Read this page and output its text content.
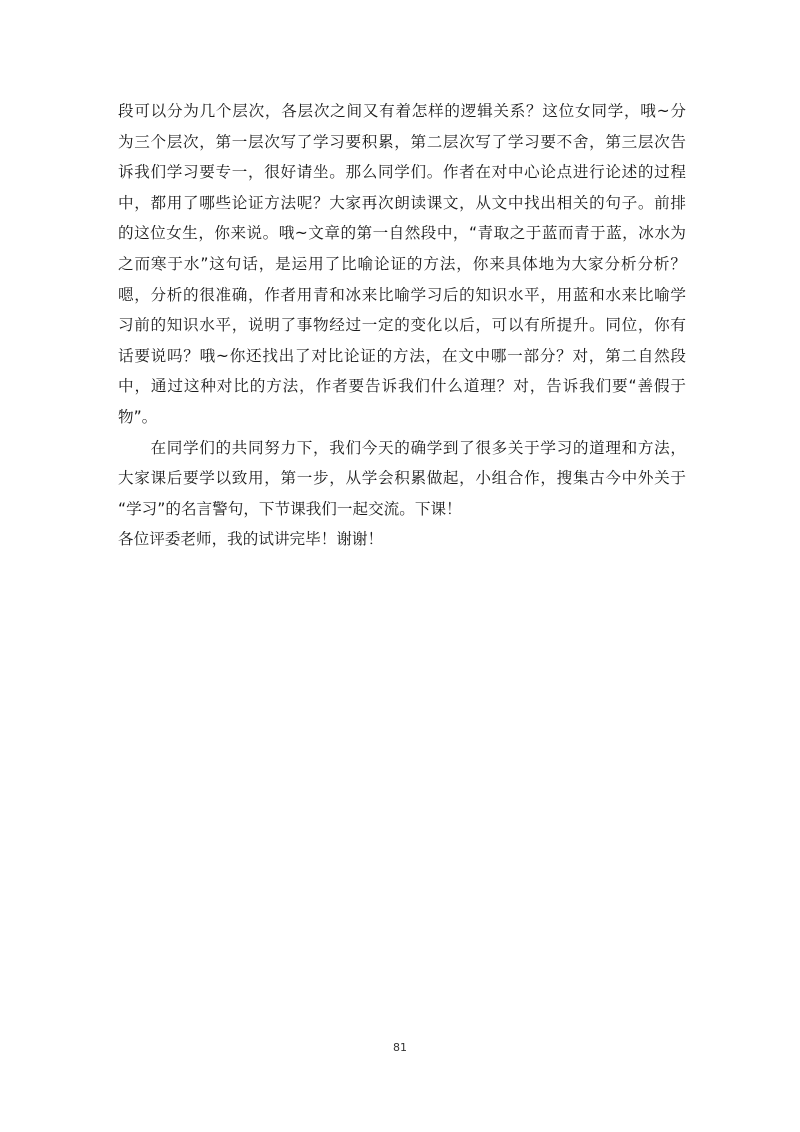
段可以分为几个层次，各层次之间又有着怎样的逻辑关系？这位女同学，哦~分
为三个层次，第一层次写了学习要积累，第二层次写了学习要不舍，第三层次告
诉我们学习要专一，很好请坐。那么同学们。作者在对中心论点进行论述的过程
中，都用了哪些论证方法呢？大家再次朗读课文，从文中找出相关的句子。前排
的这位女生，你来说。哦~文章的第一自然段中，“青取之于蓝而青于蓝，冰水为
之而寒于水”这句话，是运用了比喻论证的方法，你来具体地为大家分析分析？
嗯，分析的很准确，作者用青和冰来比喻学习后的知识水平，用蓝和水来比喻学
习前的知识水平，说明了事物经过一定的变化以后，可以有所提升。同位，你有
话要说吗？哦~你还找出了对比论证的方法，在文中哪一部分？对，第二自然段
中，通过这种对比的方法，作者要告诉我们什么道理？对，告诉我们要“善假于
物”。
　　在同学们的共同努力下，我们今天的确学到了很多关于学习的道理和方法，
大家课后要学以致用，第一步，从学会积累做起，小组合作，搜集古今中外关于
“学习”的名言警句，下节课我们一起交流。下课！
各位评委老师，我的试讲完毕！谢谢！
81
